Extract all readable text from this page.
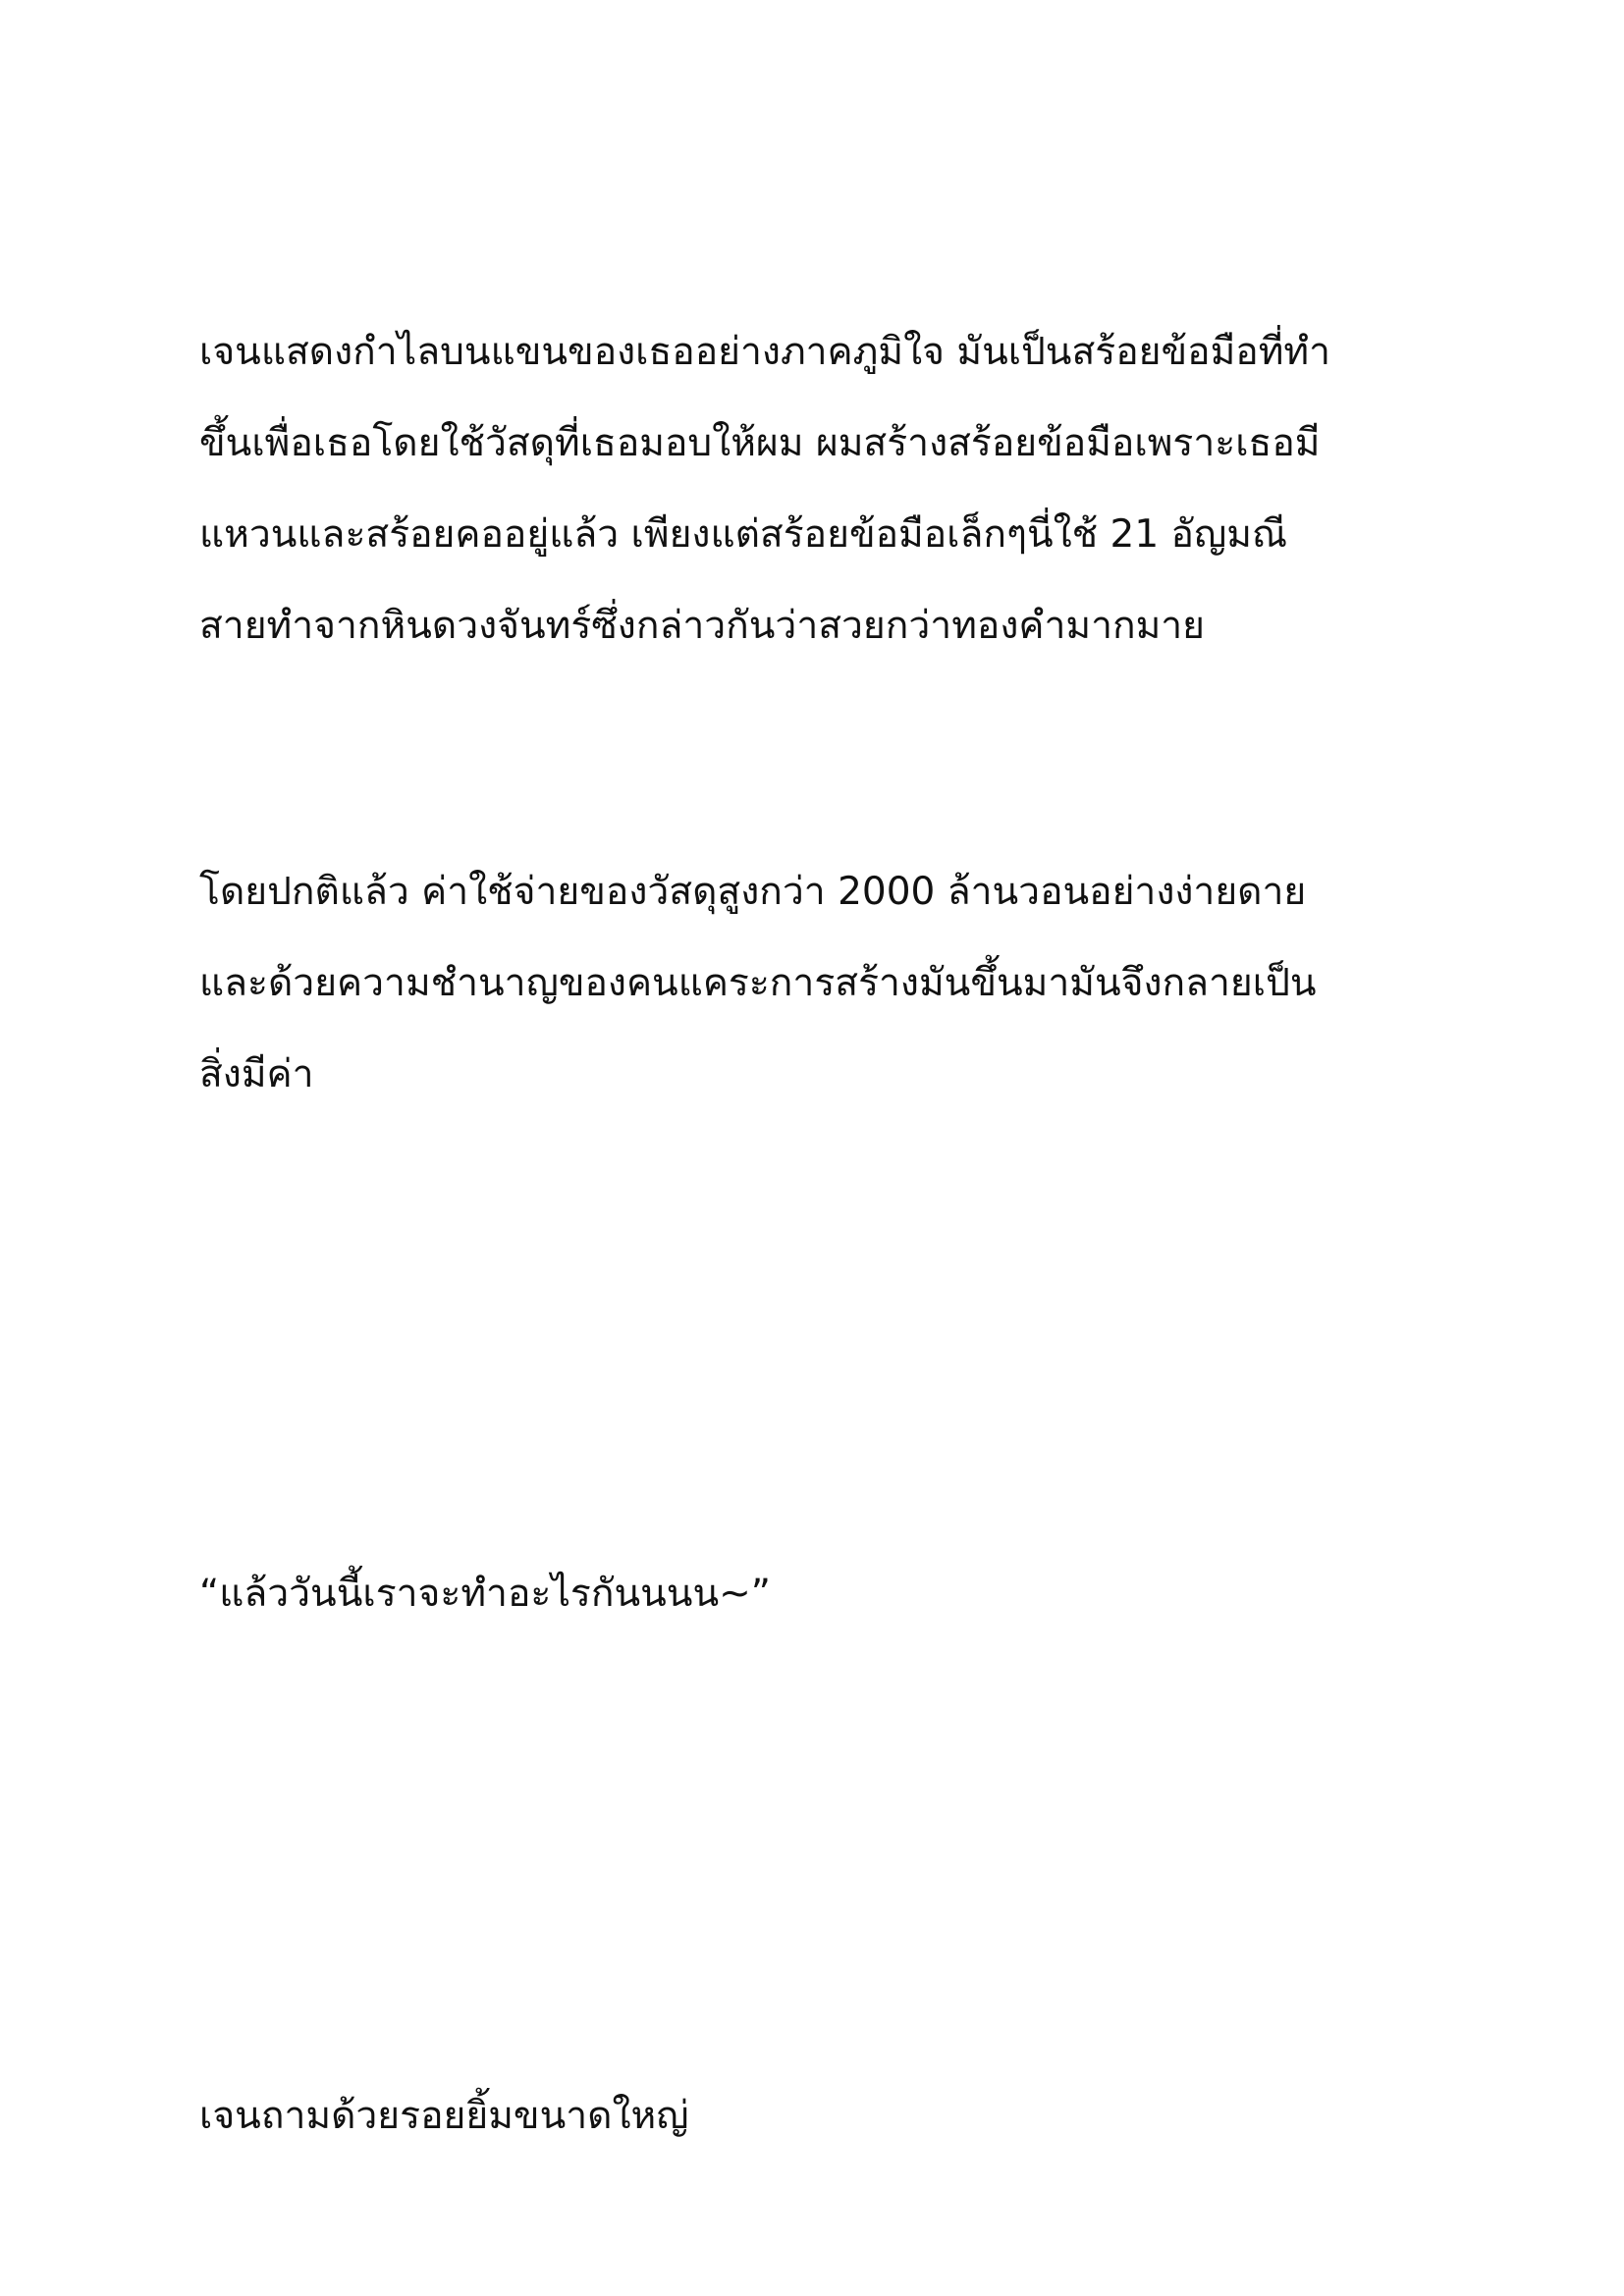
เจนแสดงกำไลบนแขนของเธออย่างภาคภูมิใจ มันเป็นสร้อยข้อมือที่ทำ
ขึ้นเพื่อเธอโดยใช้วัสดุที่เธอมอบให้ผม ผมสร้างสร้อยข้อมือเพราะเธอมี
แหวนและสร้อยคออยู่แล้ว เพียงแต่สร้อยข้อมือเล็กๆนี่ใช้ 21 อัญมณี
สายทำจากหินดวงจันทร์ซึ่งกล่าวกันว่าสวยกว่าทองคำมากมาย
โดยปกติแล้ว ค่าใช้จ่ายของวัสดุสูงกว่า 2000 ล้านวอนอย่างง่ายดาย
และด้วยความชำนาญของคนแคระการสร้างมันขึ้นมามันจึงกลายเป็น
สิ่งมีค่า
“แล้ววันนี้เราจะทำอะไรกันนนน~”
เจนถามด้วยรอยยิ้มขนาดใหญ่
